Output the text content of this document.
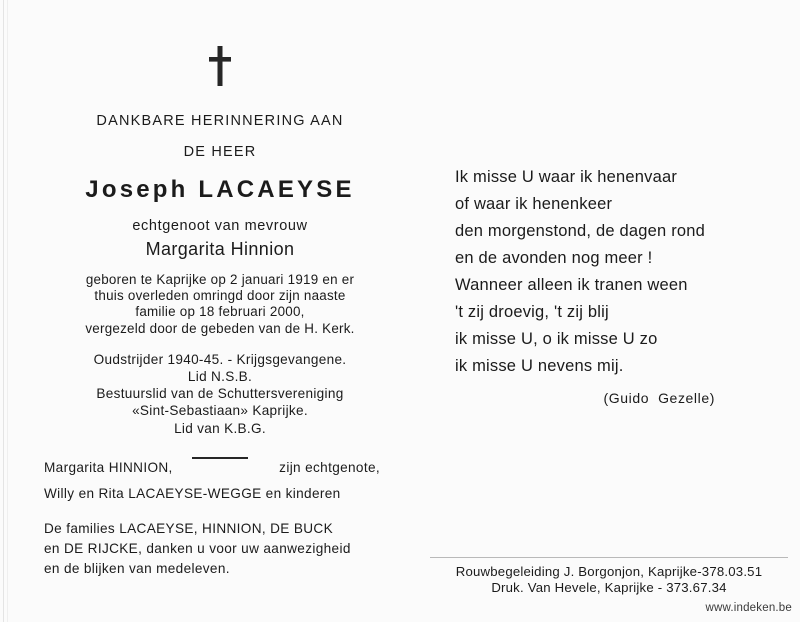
DANKBARE HERINNERING AAN
DE HEER
Joseph LACAEYSE
echtgenoot van mevrouw
Margarita Hinnion
geboren te Kaprijke op 2 januari 1919 en er
thuis overleden omringd door zijn naaste
familie op 18 februari 2000,
vergezeld door de gebeden van de H. Kerk.
Oudstrijder 1940-45. - Krijgsgevangene.
Lid N.S.B.
Bestuurslid van de Schuttersvereniging
«Sint-Sebastiaan» Kaprijke.
Lid van K.B.G.
Margarita HINNION,	zijn echtgenote,
Willy en Rita LACAEYSE-WEGGE en kinderen
De families LACAEYSE, HINNION, DE BUCK
en DE RIJCKE, danken u voor uw aanwezigheid
en de blijken van medeleven.
Ik misse U waar ik henenvaar
of waar ik henenkeer
den morgenstond, de dagen rond
en de avonden nog meer !
Wanneer alleen ik tranen ween
't zij droevig, 't zij blij
ik misse U, o ik misse U zo
ik misse U nevens mij.
(Guido  Gezelle)
Rouwbegeleiding J. Borgonjon, Kaprijke-378.03.51
Druk. Van Hevele, Kaprijke - 373.67.34
www.indeken.be
